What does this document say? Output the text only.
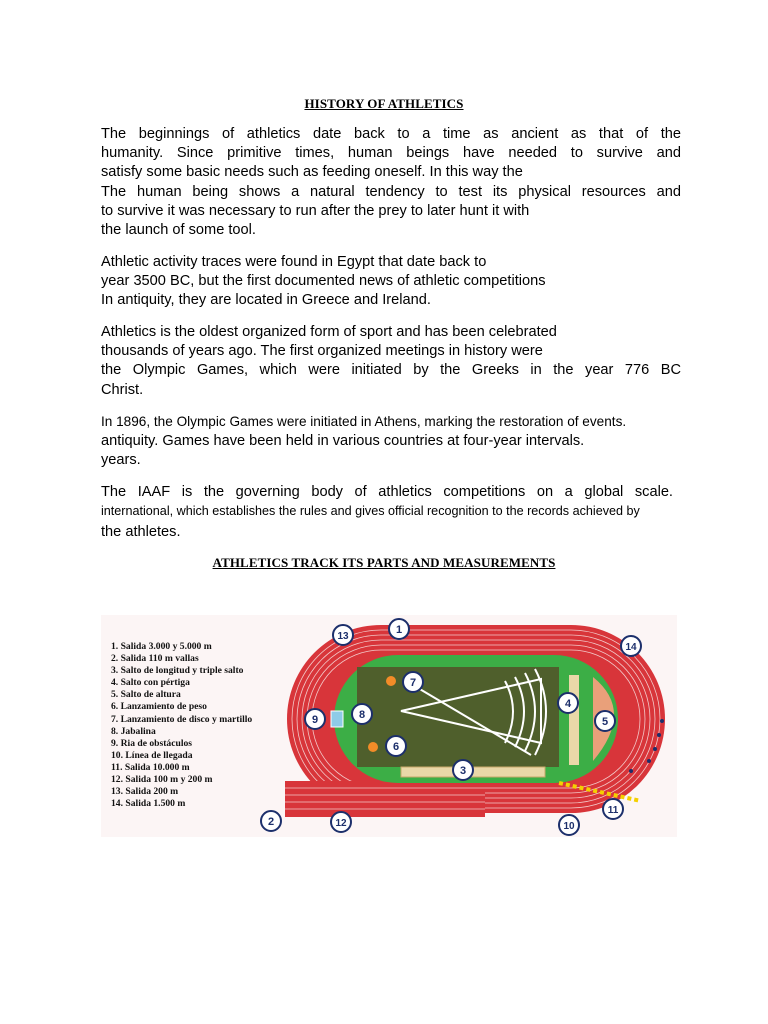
HISTORY OF ATHLETICS
The beginnings of athletics date back to a time as ancient as that of the
humanity. Since primitive times, human beings have needed to survive and
satisfy some basic needs such as feeding oneself. In this way the
The human being shows a natural tendency to test its physical resources and
to survive it was necessary to run after the prey to later hunt it with
the launch of some tool.
Athletic activity traces were found in Egypt that date back to
year 3500 BC, but the first documented news of athletic competitions
In antiquity, they are located in Greece and Ireland.
Athletics is the oldest organized form of sport and has been celebrated
thousands of years ago. The first organized meetings in history were
the Olympic Games, which were initiated by the Greeks in the year 776 BC
Christ.
In 1896, the Olympic Games were initiated in Athens, marking the restoration of events.
antiquity. Games have been held in various countries at four-year intervals.
years.
The IAAF is the governing body of athletics competitions on a global scale.
international, which establishes the rules and gives official recognition to the records achieved by
the athletes.
ATHLETICS TRACK ITS PARTS AND MEASUREMENTS
1. Salida 3.000 y 5.000 m
2. Salida 110 m vallas
3. Salto de longitud y triple salto
4. Salto con pértiga
5. Salto de altura
6. Lanzamiento de peso
7. Lanzamiento de disco y martillo
8. Jabalina
9. Ria de obstáculos
10. Línea de llegada
11. Salida 10.000 m
12. Salida 100 m y 200 m
13. Salida 200 m
14. Salida 1.500 m
1
2
3
4
5
6
7
8
9
10
11
12
13
14
